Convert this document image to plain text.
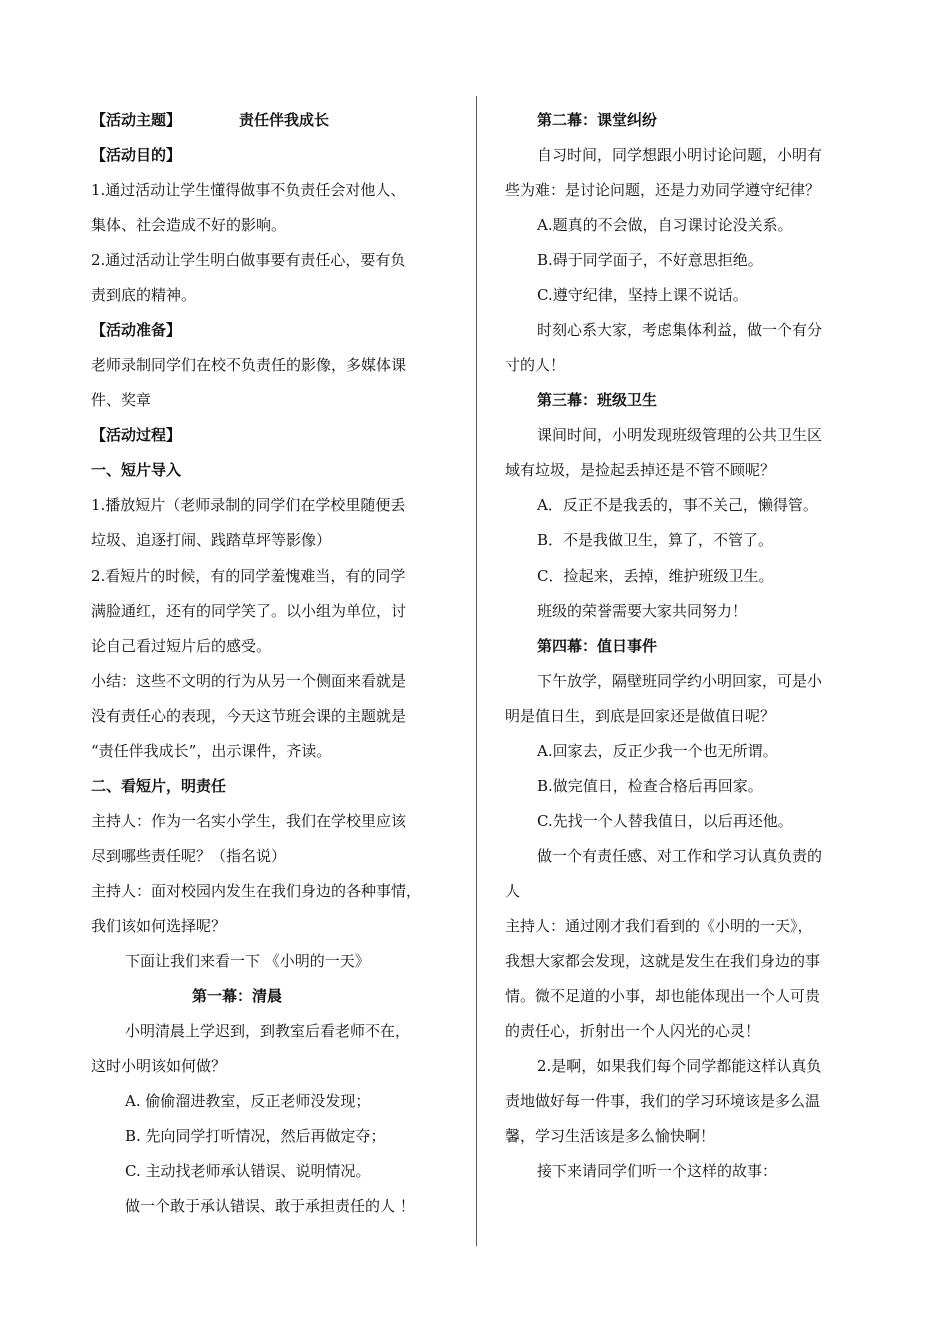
【活动主题】	责任伴我成长
【活动目的】
1.通过活动让学生懂得做事不负责任会对他人、
集体、社会造成不好的影响。
2.通过活动让学生明白做事要有责任心，要有负
责到底的精神。
【活动准备】
老师录制同学们在校不负责任的影像，多媒体课
件、奖章
【活动过程】
一、短片导入
1.播放短片（老师录制的同学们在学校里随便丢
垃圾、追逐打闹、践踏草坪等影像）
2.看短片的时候，有的同学羞愧难当，有的同学
满脸通红，还有的同学笑了。以小组为单位，讨
论自己看过短片后的感受。
小结：这些不文明的行为从另一个侧面来看就是
没有责任心的表现，今天这节班会课的主题就是
“责任伴我成长”，出示课件，齐读。
二、看短片，明责任
主持人：作为一名实小学生，我们在学校里应该
尽到哪些责任呢？（指名说）
主持人：面对校园内发生在我们身边的各种事情，
我们该如何选择呢？
下面让我们来看一下 《小明的一天》
第一幕：清晨
小明清晨上学迟到，到教室后看老师不在，
这时小明该如何做？
A. 偷偷溜进教室，反正老师没发现；
B. 先向同学打听情况，然后再做定夺；
C. 主动找老师承认错误、说明情况。
做一个敢于承认错误、敢于承担责任的人 ！
第二幕：课堂纠纷
自习时间，同学想跟小明讨论问题，小明有
些为难：是讨论问题，还是力劝同学遵守纪律？
A.题真的不会做，自习课讨论没关系。
B.碍于同学面子，不好意思拒绝。
C.遵守纪律，坚持上课不说话。
时刻心系大家，考虑集体利益，做一个有分
寸的人！
第三幕：班级卫生
课间时间，小明发现班级管理的公共卫生区
域有垃圾，是捡起丢掉还是不管不顾呢？
A．反正不是我丢的，事不关己，懒得管。
B．不是我做卫生，算了，不管了。
C．捡起来，丢掉，维护班级卫生。
班级的荣誉需要大家共同努力！
第四幕：值日事件
下午放学，隔壁班同学约小明回家，可是小
明是值日生，到底是回家还是做值日呢？
A.回家去，反正少我一个也无所谓。
B.做完值日，检查合格后再回家。
C.先找一个人替我值日，以后再还他。
做一个有责任感、对工作和学习认真负责的
人
主持人：通过刚才我们看到的《小明的一天》，
我想大家都会发现，这就是发生在我们身边的事
情。微不足道的小事，却也能体现出一个人可贵
的责任心，折射出一个人闪光的心灵！
2.是啊，如果我们每个同学都能这样认真负
责地做好每一件事，我们的学习环境该是多么温
馨，学习生活该是多么愉快啊！
接下来请同学们听一个这样的故事：
